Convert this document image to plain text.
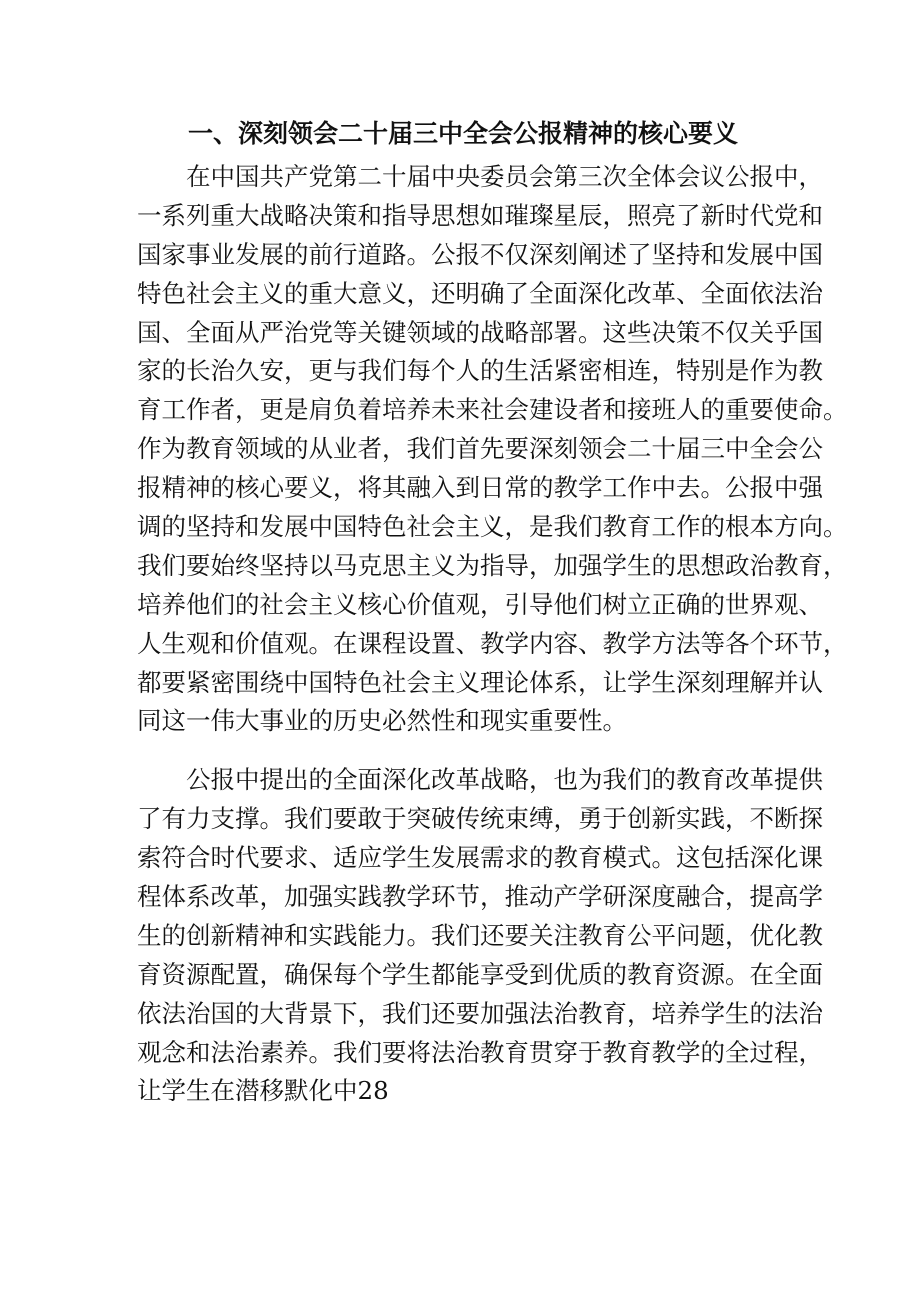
一、深刻领会二十届三中全会公报精神的核心要义

在中国共产党第二十届中央委员会第三次全体会议公报中，

一系列重大战略决策和指导思想如璀璨星辰，照亮了新时代党和

国家事业发展的前行道路。公报不仅深刻阐述了坚持和发展中国

特色社会主义的重大意义，还明确了全面深化改革、全面依法治

国、全面从严治党等关键领域的战略部署。这些决策不仅关乎国

家的长治久安，更与我们每个人的生活紧密相连，特别是作为教

育工作者，更是肩负着培养未来社会建设者和接班人的重要使命。

作为教育领域的从业者，我们首先要深刻领会二十届三中全会公

报精神的核心要义，将其融入到日常的教学工作中去。公报中强

调的坚持和发展中国特色社会主义，是我们教育工作的根本方向。

我们要始终坚持以马克思主义为指导，加强学生的思想政治教育，

培养他们的社会主义核心价值观，引导他们树立正确的世界观、

人生观和价值观。在课程设置、教学内容、教学方法等各个环节，

都要紧密围绕中国特色社会主义理论体系，让学生深刻理解并认

同这一伟大事业的历史必然性和现实重要性。

公报中提出的全面深化改革战略，也为我们的教育改革提供

了有力支撑。我们要敢于突破传统束缚，勇于创新实践，不断探

索符合时代要求、适应学生发展需求的教育模式。这包括深化课

程体系改革，加强实践教学环节，推动产学研深度融合，提高学

生的创新精神和实践能力。我们还要关注教育公平问题，优化教

育资源配置，确保每个学生都能享受到优质的教育资源。在全面

依法治国的大背景下，我们还要加强法治教育，培养学生的法治

观念和法治素养。我们要将法治教育贯穿于教育教学的全过程，

让学生在潜移默化中28
